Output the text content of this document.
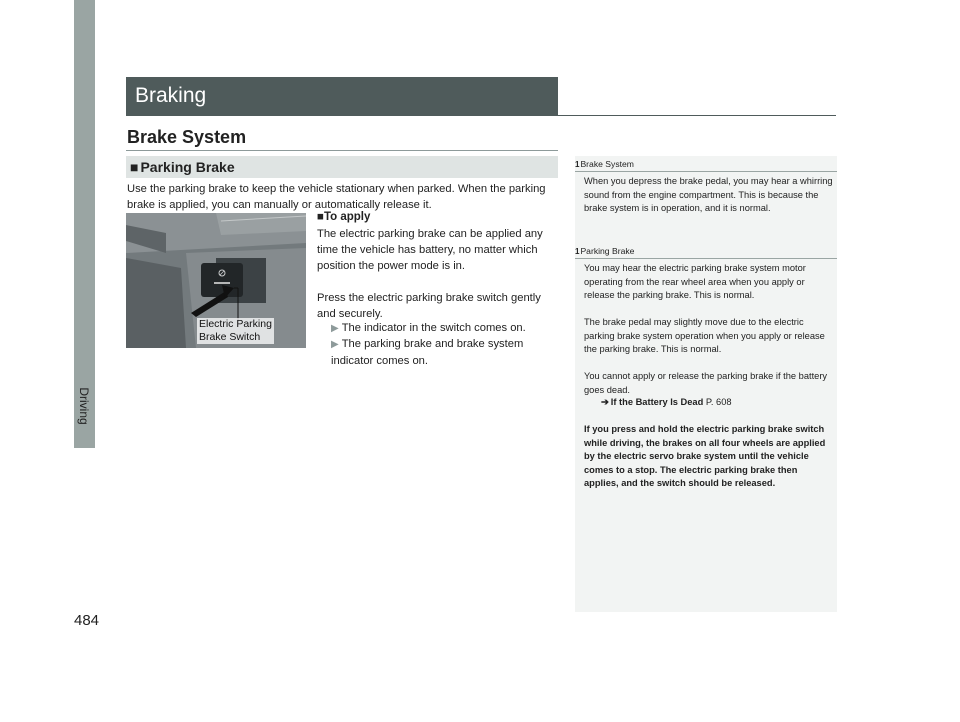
Driving
484
Braking
Brake System
■ Parking Brake
Use the parking brake to keep the vehicle stationary when parked. When the parking brake is applied, you can manually or automatically release it.
Electric Parking
Brake Switch
■To apply
The electric parking brake can be applied any time the vehicle has battery, no matter which position the power mode is in.
Press the electric parking brake switch gently and securely.
▶ The indicator in the switch comes on.
▶ The parking brake and brake system indicator comes on.
1Brake System
When you depress the brake pedal, you may hear a whirring sound from the engine compartment. This is because the brake system is in operation, and it is normal.
1Parking Brake
You may hear the electric parking brake system motor operating from the rear wheel area when you apply or release the parking brake. This is normal.
The brake pedal may slightly move due to the electric parking brake system operation when you apply or release the parking brake. This is normal.
You cannot apply or release the parking brake if the battery goes dead.
➔ If the Battery Is Dead P. 608
If you press and hold the electric parking brake switch while driving, the brakes on all four wheels are applied by the electric servo brake system until the vehicle comes to a stop. The electric parking brake then applies, and the switch should be released.
